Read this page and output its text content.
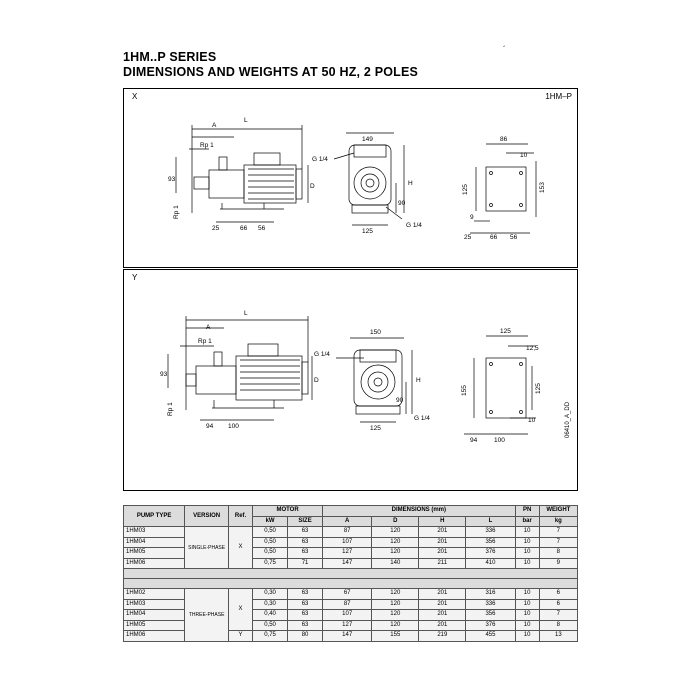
1HM..P SERIES
DIMENSIONS AND WEIGHTS AT 50 HZ, 2 POLES
´
X	1HM–P
A
L
Rp 1
93
Rp 1
D
25	66 56
149
G 1/4
H
90
125
G 1/4
86
10
125	153
9
25	66 56
Y
A
L
Rp 1
93
Rp 1
D
94 100
150
G 1/4
H
90
125
G 1/4
125
12,5
155	125
10
94	100
06410_A_DD
PUMP TYPE	VERSION	Ref.	MOTOR		DIMENSIONS (mm)				PN	WEIGHT
			kW	SIZE	A	D	H	L	bar	kg
1HM03	SINGLE-PHASE	X	0,50	63	87	120	201	336	10	7
1HM04			0,50	63	107	120	201	356	10	7
1HM05			0,50	63	127	120	201	376	10	8
1HM06			0,75	71	147	140	211	410	10	9

1HM02	THREE-PHASE	X	0,30	63	67	120	201	316	10	6
1HM03			0,30	63	87	120	201	336	10	6
1HM04			0,40	63	107	120	201	356	10	7
1HM05			0,50	63	127	120	201	376	10	8
1HM06		Y	0,75	80	147	155	219	455	10	13
